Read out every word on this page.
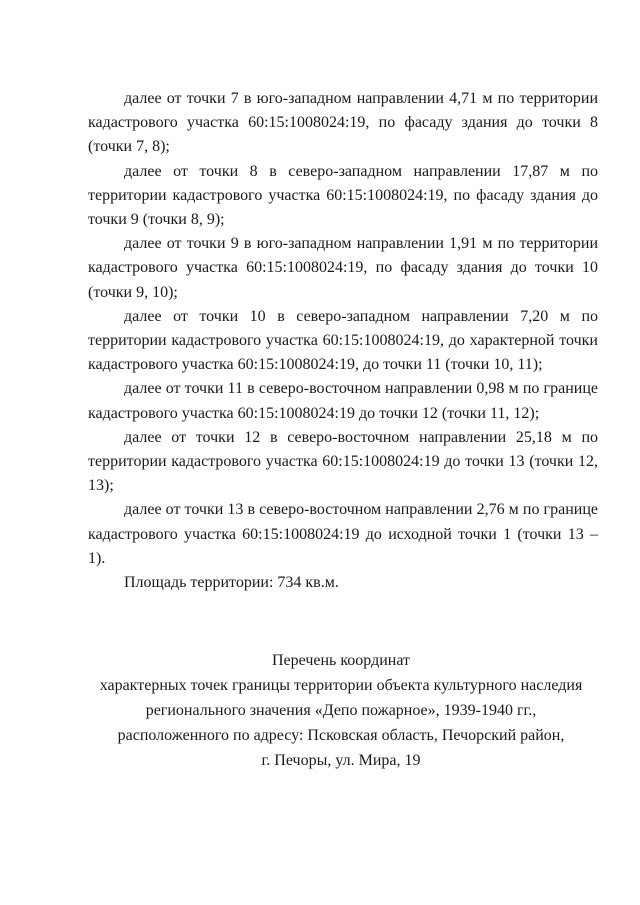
далее от точки 7 в юго-западном направлении 4,71 м по территории кадастрового участка 60:15:1008024:19, по фасаду здания до точки 8 (точки 7, 8);

далее от точки 8 в северо-западном направлении 17,87 м по территории кадастрового участка 60:15:1008024:19, по фасаду здания до точки 9 (точки 8, 9);

далее от точки 9 в юго-западном направлении 1,91 м по территории кадастрового участка 60:15:1008024:19, по фасаду здания до точки 10 (точки 9, 10);

далее от точки 10 в северо-западном направлении 7,20 м по территории кадастрового участка 60:15:1008024:19, до характерной точки кадастрового участка 60:15:1008024:19, до точки 11 (точки 10, 11);

далее от точки 11 в северо-восточном направлении 0,98 м по границе кадастрового участка 60:15:1008024:19 до точки 12 (точки 11, 12);

далее от точки 12 в северо-восточном направлении 25,18 м по территории кадастрового участка 60:15:1008024:19 до точки 13 (точки 12, 13);

далее от точки 13 в северо-восточном направлении 2,76 м по границе кадастрового участка 60:15:1008024:19 до исходной точки 1 (точки 13 – 1).

Площадь территории: 734 кв.м.

Перечень координат
характерных точек границы территории объекта культурного наследия
регионального значения «Депо пожарное», 1939-1940 гг.,
расположенного по адресу: Псковская область, Печорский район,
г. Печоры, ул. Мира, 19
